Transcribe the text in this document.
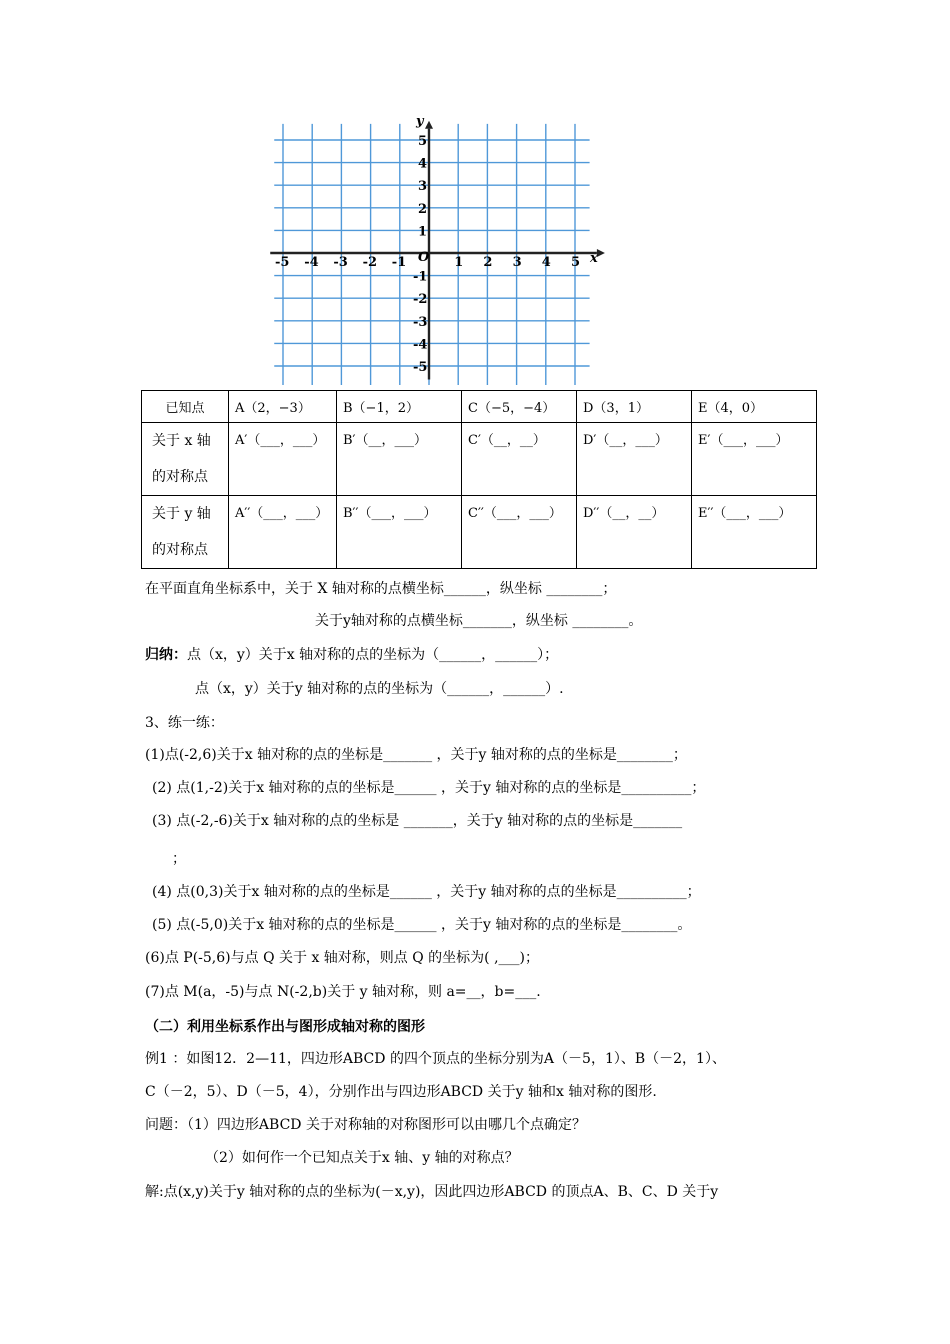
-5 -4 -3 -2 -1	1 2 3 4 5
5
4
3
2
1
-1
-2
-3
-4
-5
O	x
y
已知点	A（2，−3）	B（−1，2）	C（−5，−4）	D（3，1）	E（4，0）
关于 x 轴的对称点	A′（___，___）	B′（__，___）	C′（__，__）	D′（__，___）	E′（___，___）
关于 y 轴的对称点	A′′（___，___）	B′′（___，___）	C′′（___，___）	D′′（__，__）	E′′（___，___）
在平面直角坐标系中，关于 X 轴对称的点横坐标______，纵坐标 ________；
关于y轴对称的点横坐标_______，纵坐标 ________。
归纳：点（x，y）关于x 轴对称的点的坐标为（______，______）；
点（x，y）关于y 轴对称的点的坐标为（______，______）.
3、练一练：
(1)点(-2,6)关于x 轴对称的点的坐标是_______ ，关于y 轴对称的点的坐标是________；
(2) 点(1,-2)关于x 轴对称的点的坐标是______ ，关于y 轴对称的点的坐标是__________；
(3) 点(-2,-6)关于x 轴对称的点的坐标是 _______，关于y 轴对称的点的坐标是_______
；
(4) 点(0,3)关于x 轴对称的点的坐标是______ ，关于y 轴对称的点的坐标是__________；
(5) 点(-5,0)关于x 轴对称的点的坐标是______ ，关于y 轴对称的点的坐标是________。
(6)点 P(-5,6)与点 Q 关于 x 轴对称，则点 Q 的坐标为( ,___)；
(7)点 M(a，-5)与点 N(-2,b)关于 y 轴对称，则 a=__，b=___.
（二）利用坐标系作出与图形成轴对称的图形
例1 ：如图12．2—11，四边形ABCD 的四个顶点的坐标分别为A（－5，1）、B（－2，1）、
C（－2，5）、D（－5，4），分别作出与四边形ABCD 关于y 轴和x 轴对称的图形.
问题：（1）四边形ABCD 关于对称轴的对称图形可以由哪几个点确定？
（2）如何作一个已知点关于x 轴、y 轴的对称点？
解:点(x,y)关于y 轴对称的点的坐标为(－x,y)，因此四边形ABCD 的顶点A、B、C、D 关于y
